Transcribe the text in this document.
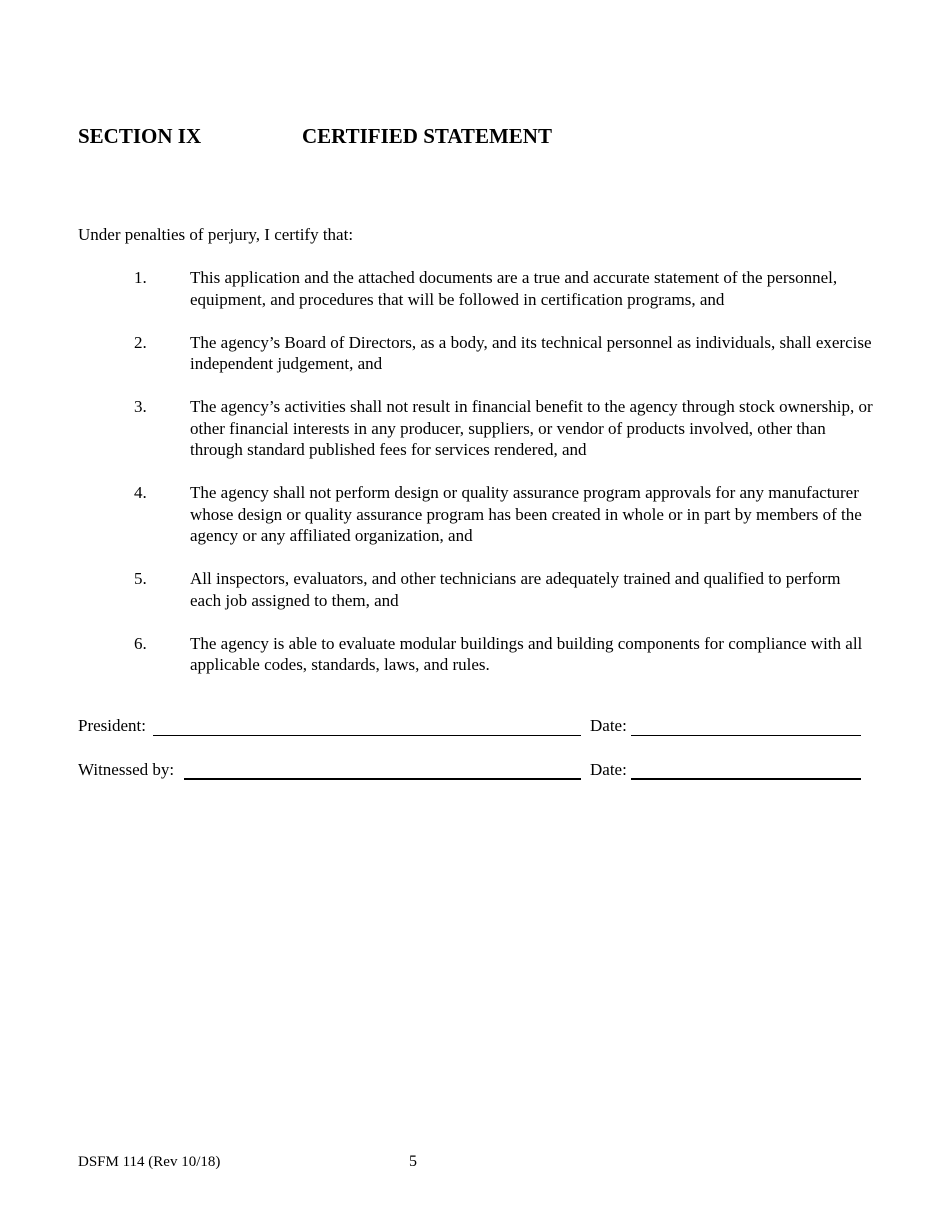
SECTION IX	CERTIFIED STATEMENT
Under penalties of perjury, I certify that:
1.	This application and the attached documents are a true and accurate statement of the personnel, equipment, and procedures that will be followed in certification programs, and
2.	The agency’s Board of Directors, as a body, and its technical personnel as individuals, shall exercise independent judgement, and
3.	The agency’s activities shall not result in financial benefit to the agency through stock ownership, or other financial interests in any producer, suppliers, or vendor of products involved, other than through standard published fees for services rendered, and
4.	The agency shall not perform design or quality assurance program approvals for any manufacturer whose design or quality assurance program has been created in whole or in part by members of the agency or any affiliated organization, and
5.	All inspectors, evaluators, and other technicians are adequately trained and qualified to perform each job assigned to them, and
6.	The agency is able to evaluate modular buildings and building components for compliance with all applicable codes, standards, laws, and rules.
President:	Date:
Witnessed by:	Date:
DSFM 114 (Rev 10/18)	5
